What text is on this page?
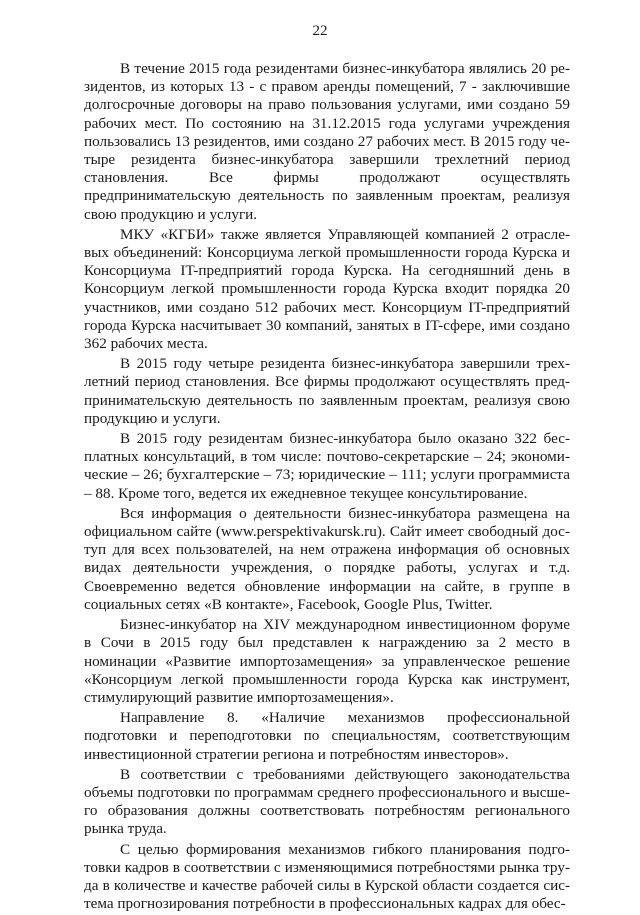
22

В течение 2015 года резидентами бизнес-инкубатора являлись 20 резидентов, из которых 13 - с правом аренды помещений, 7 - заключившие долгосрочные договоры на право пользования услугами, ими создано 59 рабочих мест. По состоянию на 31.12.2015 года услугами учреждения пользовались 13 резидентов, ими создано 27 рабочих мест. В 2015 году четыре резидента бизнес-инкубатора завершили трехлетний период становления. Все фирмы продолжают осуществлять предпринимательскую деятельность по заявленным проектам, реализуя свою продукцию и услуги.

МКУ «КГБИ» также является Управляющей компанией 2 отраслевых объединений: Консорциума легкой промышленности города Курска и Консорциума IT-предприятий города Курска. На сегодняшний день в Консорциум легкой промышленности города Курска входит порядка 20 участников, ими создано 512 рабочих мест. Консорциум IT-предприятий города Курска насчитывает 30 компаний, занятых в IT-сфере, ими создано 362 рабочих места.

В 2015 году четыре резидента бизнес-инкубатора завершили трехлетний период становления. Все фирмы продолжают осуществлять предпринимательскую деятельность по заявленным проектам, реализуя свою продукцию и услуги.

В 2015 году резидентам бизнес-инкубатора было оказано 322 бесплатных консультаций, в том числе: почтово-секретарские – 24; экономические – 26; бухгалтерские – 73; юридические – 111; услуги программиста – 88. Кроме того, ведется их ежедневное текущее консультирование.

Вся информация о деятельности бизнес-инкубатора размещена на официальном сайте (www.perspektivakursk.ru). Сайт имеет свободный доступ для всех пользователей, на нем отражена информация об основных видах деятельности учреждения, о порядке работы, услугах и т.д. Своевременно ведется обновление информации на сайте, в группе в социальных сетях «В контакте», Facebook, Google Plus, Twitter.

Бизнес-инкубатор на XIV международном инвестиционном форуме в Сочи в 2015 году был представлен к награждению за 2 место в номинации «Развитие импортозамещения» за управленческое решение «Консорциум легкой промышленности города Курска как инструмент, стимулирующий развитие импортозамещения».

Направление 8. «Наличие механизмов профессиональной подготовки и переподготовки по специальностям, соответствующим инвестиционной стратегии региона и потребностям инвесторов».

В соответствии с требованиями действующего законодательства объемы подготовки по программам среднего профессионального и высшего образования должны соответствовать потребностям регионального рынка труда.

С целью формирования механизмов гибкого планирования подготовки кадров в соответствии с изменяющимися потребностями рынка труда в количестве и качестве рабочей силы в Курской области создается система прогнозирования потребности в профессиональных кадрах для обес-
